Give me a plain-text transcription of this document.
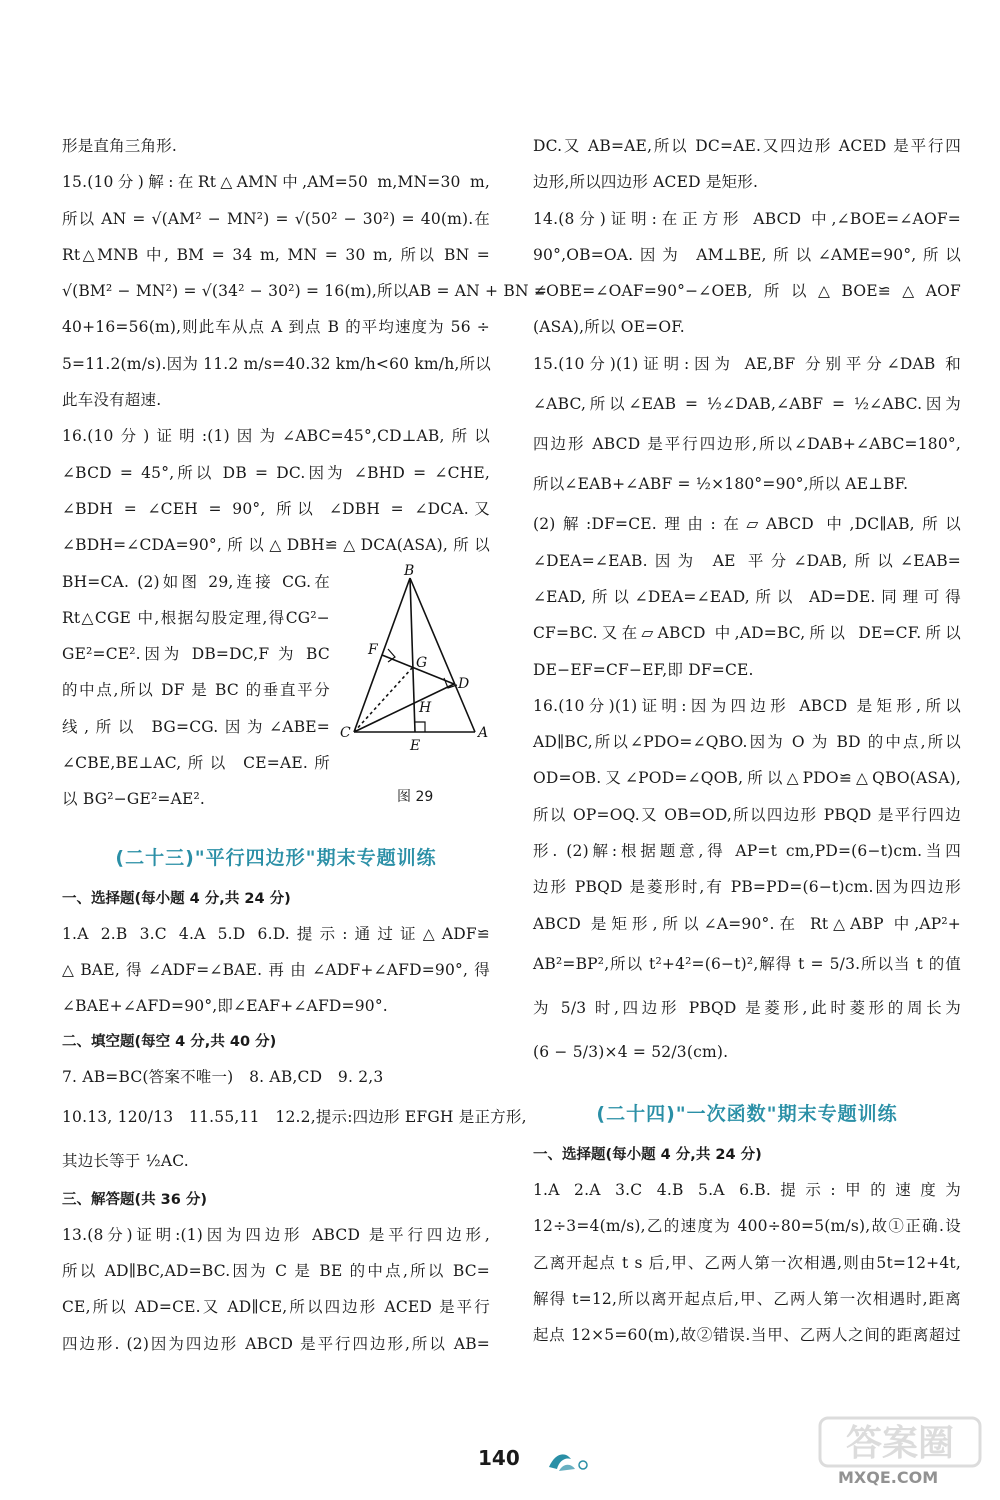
形是直角三角形.
15.(10分)解:在Rt△AMN中,AM=50 m,MN=30 m,
所以 AN = √(AM² − MN²) = √(50² − 30²) = 40(m).在
Rt△MNB 中, BM = 34 m, MN = 30 m, 所以 BN =
√(BM² − MN²) = √(34² − 30²) = 16(m),所以AB = AN + BN =
40+16=56(m),则此车从点 A 到点 B 的平均速度为 56 ÷
5=11.2(m/s).因为 11.2 m/s=40.32 km/h<60 km/h,所以
此车没有超速.
16.(10分)证明:(1)因为∠ABC=45°,CD⊥AB,所以
∠BCD = 45°,所以 DB = DC.因为 ∠BHD = ∠CHE,
∠BDH = ∠CEH = 90°, 所以 ∠DBH = ∠DCA.又
∠BDH=∠CDA=90°,所以△DBH≌△DCA(ASA),所以
BH=CA. (2)如图 29,连接 CG.在
Rt△CGE 中,根据勾股定理,得CG²−
GE²=CE².因为 DB=DC,F 为 BC
的中点,所以 DF 是 BC 的垂直平分
线,所以 BG=CG.因为∠ABE=
∠CBE,BE⊥AC,所以 CE=AE.所
以 BG²−GE²=AE².
B
C	A
D
E
F
G
H
图 29
(二十三)"平行四边形"期末专题训练
一、选择题(每小题 4 分,共 24 分)
1.A 2.B 3.C 4.A 5.D 6.D.提示:通过证△ADF≌
△BAE,得∠ADF=∠BAE.再由∠ADF+∠AFD=90°,得
∠BAE+∠AFD=90°,即∠EAF+∠AFD=90°.
二、填空题(每空 4 分,共 40 分)
7. AB=BC(答案不唯一)　8. AB,CD　9. 2,3
10.13, 120/13　11.55,11　12.2,提示:四边形 EFGH 是正方形,
其边长等于 ½AC.
三、解答题(共 36 分)
13.(8分)证明:(1)因为四边形 ABCD 是平行四边形,
所以 AD∥BC,AD=BC.因为 C 是 BE 的中点,所以 BC=
CE,所以 AD=CE.又 AD∥CE,所以四边形 ACED 是平行
四边形. (2)因为四边形 ABCD 是平行四边形,所以 AB=
DC.又 AB=AE,所以 DC=AE.又四边形 ACED 是平行四
边形,所以四边形 ACED 是矩形.
14.(8分)证明:在正方形 ABCD 中,∠BOE=∠AOF=
90°,OB=OA.因为 AM⊥BE,所以∠AME=90°,所以
∠OBE=∠OAF=90°−∠OEB,所以△BOE≌△AOF
(ASA),所以 OE=OF.
15.(10分)(1)证明:因为 AE,BF 分别平分∠DAB 和
∠ABC,所以∠EAB = ½∠DAB,∠ABF = ½∠ABC.因为
四边形 ABCD 是平行四边形,所以∠DAB+∠ABC=180°,
所以∠EAB+∠ABF = ½×180°=90°,所以 AE⊥BF.
(2)解:DF=CE.理由:在▱ABCD 中,DC∥AB,所以
∠DEA=∠EAB.因为 AE 平分∠DAB,所以∠EAB=
∠EAD,所以∠DEA=∠EAD,所以 AD=DE.同理可得
CF=BC.又在▱ABCD 中,AD=BC,所以 DE=CF.所以
DE−EF=CF−EF,即 DF=CE.
16.(10分)(1)证明:因为四边形 ABCD 是矩形,所以
AD∥BC,所以∠PDO=∠QBO.因为 O 为 BD 的中点,所以
OD=OB.又∠POD=∠QOB,所以△PDO≌△QBO(ASA),
所以 OP=OQ.又 OB=OD,所以四边形 PBQD 是平行四边
形. (2)解:根据题意,得 AP=t cm,PD=(6−t)cm.当四
边形 PBQD 是菱形时,有 PB=PD=(6−t)cm.因为四边形
ABCD 是矩形,所以∠A=90°.在 Rt△ABP 中,AP²+
AB²=BP²,所以 t²+4²=(6−t)²,解得 t = 5/3.所以当 t 的值
为 5/3 时,四边形 PBQD 是菱形,此时菱形的周长为
(6 − 5/3)×4 = 52/3(cm).
(二十四)"一次函数"期末专题训练
一、选择题(每小题 4 分,共 24 分)
1.A 2.A 3.C 4.B 5.A 6.B.提示:甲的速度为
12÷3=4(m/s),乙的速度为 400÷80=5(m/s),故①正确.设
乙离开起点 t s 后,甲、乙两人第一次相遇,则由5t=12+4t,
解得 t=12,所以离开起点后,甲、乙两人第一次相遇时,距离
起点 12×5=60(m),故②错误.当甲、乙两人之间的距离超过
140	答案圈
MXQE.COM
